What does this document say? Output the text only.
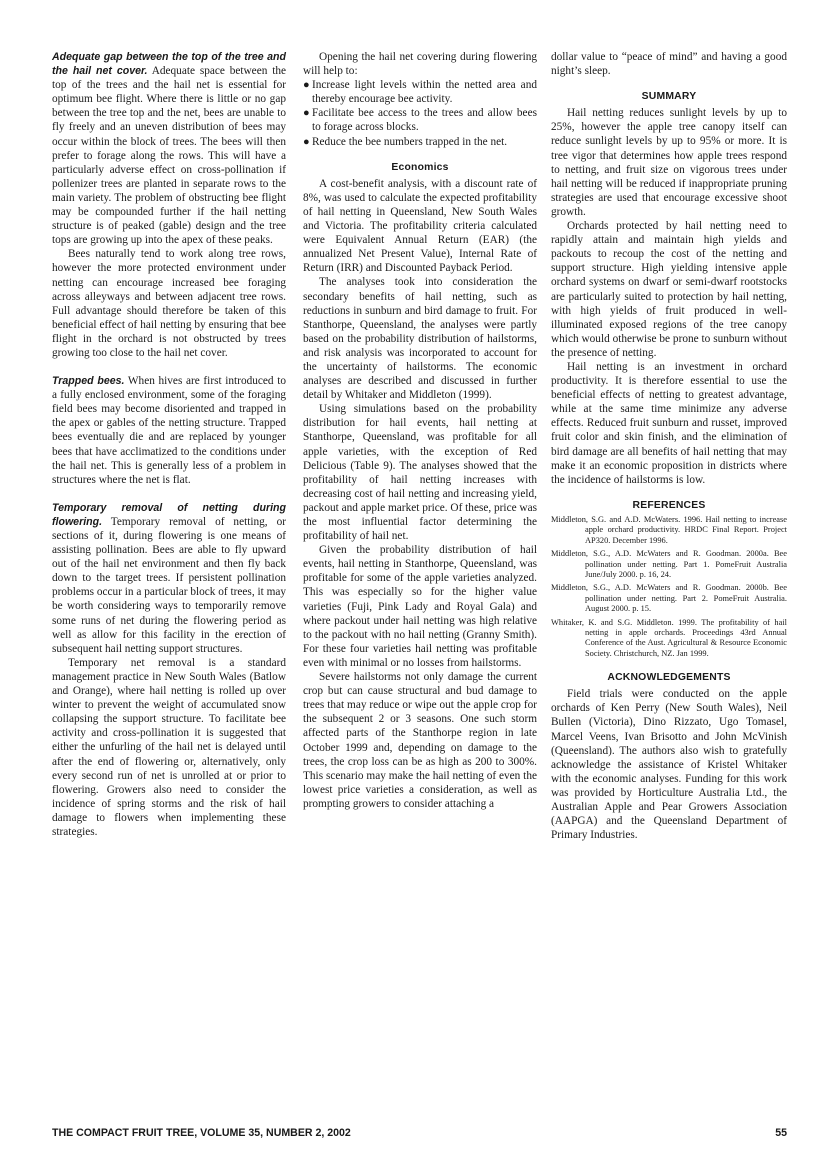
Adequate gap between the top of the tree and the hail net cover. Adequate space between the top of the trees and the hail net is essential for optimum bee flight. Where there is little or no gap between the tree top and the net, bees are unable to fly freely and an uneven distribution of bees may occur within the block of trees. The bees will then prefer to forage along the rows. This will have a particularly adverse effect on cross-pollination if pollenizer trees are planted in separate rows to the main variety. The problem of obstructing bee flight may be compounded further if the hail netting structure is of peaked (gable) design and the tree tops are growing up into the apex of these peaks.

Bees naturally tend to work along tree rows, however the more protected environment under netting can encourage increased bee foraging across alleyways and between adjacent tree rows. Full advantage should therefore be taken of this beneficial effect of hail netting by ensuring that bee flight in the orchard is not obstructed by trees growing too close to the hail net cover.

Trapped bees. When hives are first introduced to a fully enclosed environment, some of the foraging field bees may become disoriented and trapped in the apex or gables of the netting structure. Trapped bees eventually die and are replaced by younger bees that have acclimatized to the conditions under the hail net. This is generally less of a problem in structures where the net is flat.

Temporary removal of netting during flowering. Temporary removal of netting, or sections of it, during flowering is one means of assisting pollination. Bees are able to fly upward out of the hail net environment and then fly back down to the target trees. If persistent pollination problems occur in a particular block of trees, it may be worth considering ways to temporarily remove some runs of net during the flowering period as well as allow for this facility in the erection of subsequent hail netting support structures.

Temporary net removal is a standard management practice in New South Wales (Batlow and Orange), where hail netting is rolled up over winter to prevent the weight of accumulated snow collapsing the support structure. To facilitate bee activity and cross-pollination it is suggested that either the unfurling of the hail net is delayed until after the end of flowering or, alternatively, only every second run of net is unrolled at or prior to flowering. Growers also need to consider the incidence of spring storms and the risk of hail damage to flowers when implementing these strategies.

Opening the hail net covering during flowering will help to:

● Increase light levels within the netted area and thereby encourage bee activity.
● Facilitate bee access to the trees and allow bees to forage across blocks.
● Reduce the bee numbers trapped in the net.
Economics

A cost-benefit analysis, with a discount rate of 8%, was used to calculate the expected profitability of hail netting in Queensland, New South Wales and Victoria. The profitability criteria calculated were Equivalent Annual Return (EAR) (the annualized Net Present Value), Internal Rate of Return (IRR) and Discounted Payback Period.

The analyses took into consideration the secondary benefits of hail netting, such as reductions in sunburn and bird damage to fruit. For Stanthorpe, Queensland, the analyses were partly based on the probability distribution of hailstorms, and risk analysis was incorporated to account for the uncertainty of hailstorms. The economic analyses are described and discussed in further detail by Whitaker and Middleton (1999).

Using simulations based on the probability distribution for hail events, hail netting at Stanthorpe, Queensland, was profitable for all apple varieties, with the exception of Red Delicious (Table 9). The analyses showed that the profitability of hail netting increases with decreasing cost of hail netting and increasing yield, packout and apple market price. Of these, price was the most influential factor determining the profitability of hail net.

Given the probability distribution of hail events, hail netting in Stanthorpe, Queensland, was profitable for some of the apple varieties analyzed. This was especially so for the higher value varieties (Fuji, Pink Lady and Royal Gala) and where packout under hail netting was high relative to the packout with no hail netting (Granny Smith). For these four varieties hail netting was profitable even with minimal or no losses from hailstorms.

Severe hailstorms not only damage the current crop but can cause structural and bud damage to trees that may reduce or wipe out the apple crop for the subsequent 2 or 3 seasons. One such storm affected parts of the Stanthorpe region in late October 1999 and, depending on damage to the trees, the crop loss can be as high as 200 to 300%. This scenario may make the hail netting of even the lowest price varieties a consideration, as well as prompting growers to consider attaching a

dollar value to “peace of mind” and having a good night’s sleep.

SUMMARY

Hail netting reduces sunlight levels by up to 25%, however the apple tree canopy itself can reduce sunlight levels by up to 95% or more. It is tree vigor that determines how apple trees respond to netting, and fruit size on vigorous trees under hail netting will be reduced if inappropriate pruning strategies are used that encourage excessive shoot growth.

Orchards protected by hail netting need to rapidly attain and maintain high yields and packouts to recoup the cost of the netting and support structure. High yielding intensive apple orchard systems on dwarf or semi-dwarf rootstocks are particularly suited to protection by hail netting, with high yields of fruit produced in well-illuminated exposed regions of the tree canopy which would otherwise be prone to sunburn without the presence of netting.

Hail netting is an investment in orchard productivity. It is therefore essential to use the beneficial effects of netting to greatest advantage, while at the same time minimize any adverse effects. Reduced fruit sunburn and russet, improved fruit color and skin finish, and the elimination of bird damage are all benefits of hail netting that may make it an economic proposition in districts where the incidence of hailstorms is low.

REFERENCES

Middleton, S.G. and A.D. McWaters. 1996. Hail netting to increase apple orchard productivity. HRDC Final Report. Project AP320. December 1996.

Middleton, S.G., A.D. McWaters and R. Goodman. 2000a. Bee pollination under netting. Part 1. PomeFruit Australia June/July 2000. p. 16, 24.

Middleton, S.G., A.D. McWaters and R. Goodman. 2000b. Bee pollination under netting. Part 2. PomeFruit Australia. August 2000. p. 15.

Whitaker, K. and S.G. Middleton. 1999. The profitability of hail netting in apple orchards. Proceedings 43rd Annual Conference of the Aust. Agricultural & Resource Economic Society. Christchurch, NZ. Jan 1999.

ACKNOWLEDGEMENTS

Field trials were conducted on the apple orchards of Ken Perry (New South Wales), Neil Bullen (Victoria), Dino Rizzato, Ugo Tomasel, Marcel Veens, Ivan Brisotto and John McVinish (Queensland). The authors also wish to gratefully acknowledge the assistance of Kristel Whitaker with the economic analyses. Funding for this work was provided by Horticulture Australia Ltd., the Australian Apple and Pear Growers Association (AAPGA) and the Queensland Department of Primary Industries.

THE COMPACT FRUIT TREE, VOLUME 35, NUMBER 2, 2002	55
